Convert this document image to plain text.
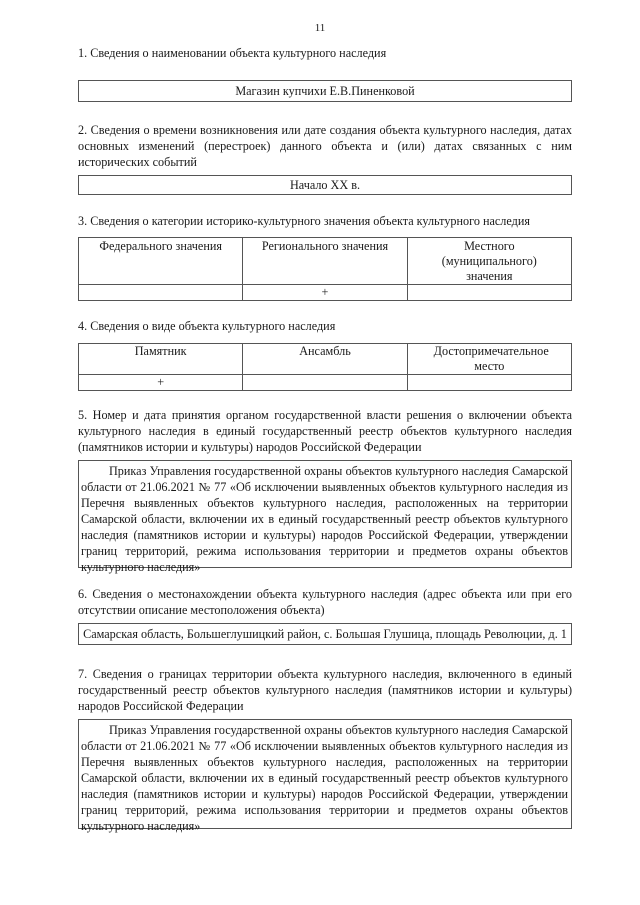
11
1. Сведения о наименовании объекта культурного наследия
Магазин купчихи Е.В.Пиненковой
2. Сведения о времени возникновения или дате создания объекта культурного наследия, датах основных изменений (перестроек) данного объекта и (или) датах связанных с ним исторических событий
Начало XX в.
3. Сведения о категории историко-культурного значения объекта культурного наследия
Федерального значения	Регионального значения	Местного (муниципального) значения
	+	
4. Сведения о виде объекта культурного наследия
Памятник	Ансамбль	Достопримечательное место
+		
5. Номер и дата принятия органом государственной власти решения о включении объекта культурного наследия в единый государственный реестр объектов культурного наследия (памятников истории и культуры) народов Российской Федерации
Приказ Управления государственной охраны объектов культурного наследия Самарской области от 21.06.2021 № 77 «Об исключении выявленных объектов культурного наследия из Перечня выявленных объектов культурного наследия, расположенных на территории Самарской области, включении их в единый государственный реестр объектов культурного наследия (памятников истории и культуры) народов Российской Федерации, утверждении границ территорий, режима использования территории и предметов охраны объектов культурного наследия»
6. Сведения о местонахождении объекта культурного наследия (адрес объекта или при его отсутствии описание местоположения объекта)
Самарская область, Большеглушицкий район, с. Большая Глушица, площадь Революции, д. 1
7. Сведения о границах территории объекта культурного наследия, включенного в единый государственный реестр объектов культурного наследия (памятников истории и культуры) народов Российской Федерации
Приказ Управления государственной охраны объектов культурного наследия Самарской области от 21.06.2021 № 77 «Об исключении выявленных объектов культурного наследия из Перечня выявленных объектов культурного наследия, расположенных на территории Самарской области, включении их в единый государственный реестр объектов культурного наследия (памятников истории и культуры) народов Российской Федерации, утверждении границ территорий, режима использования территории и предметов охраны объектов культурного наследия»
